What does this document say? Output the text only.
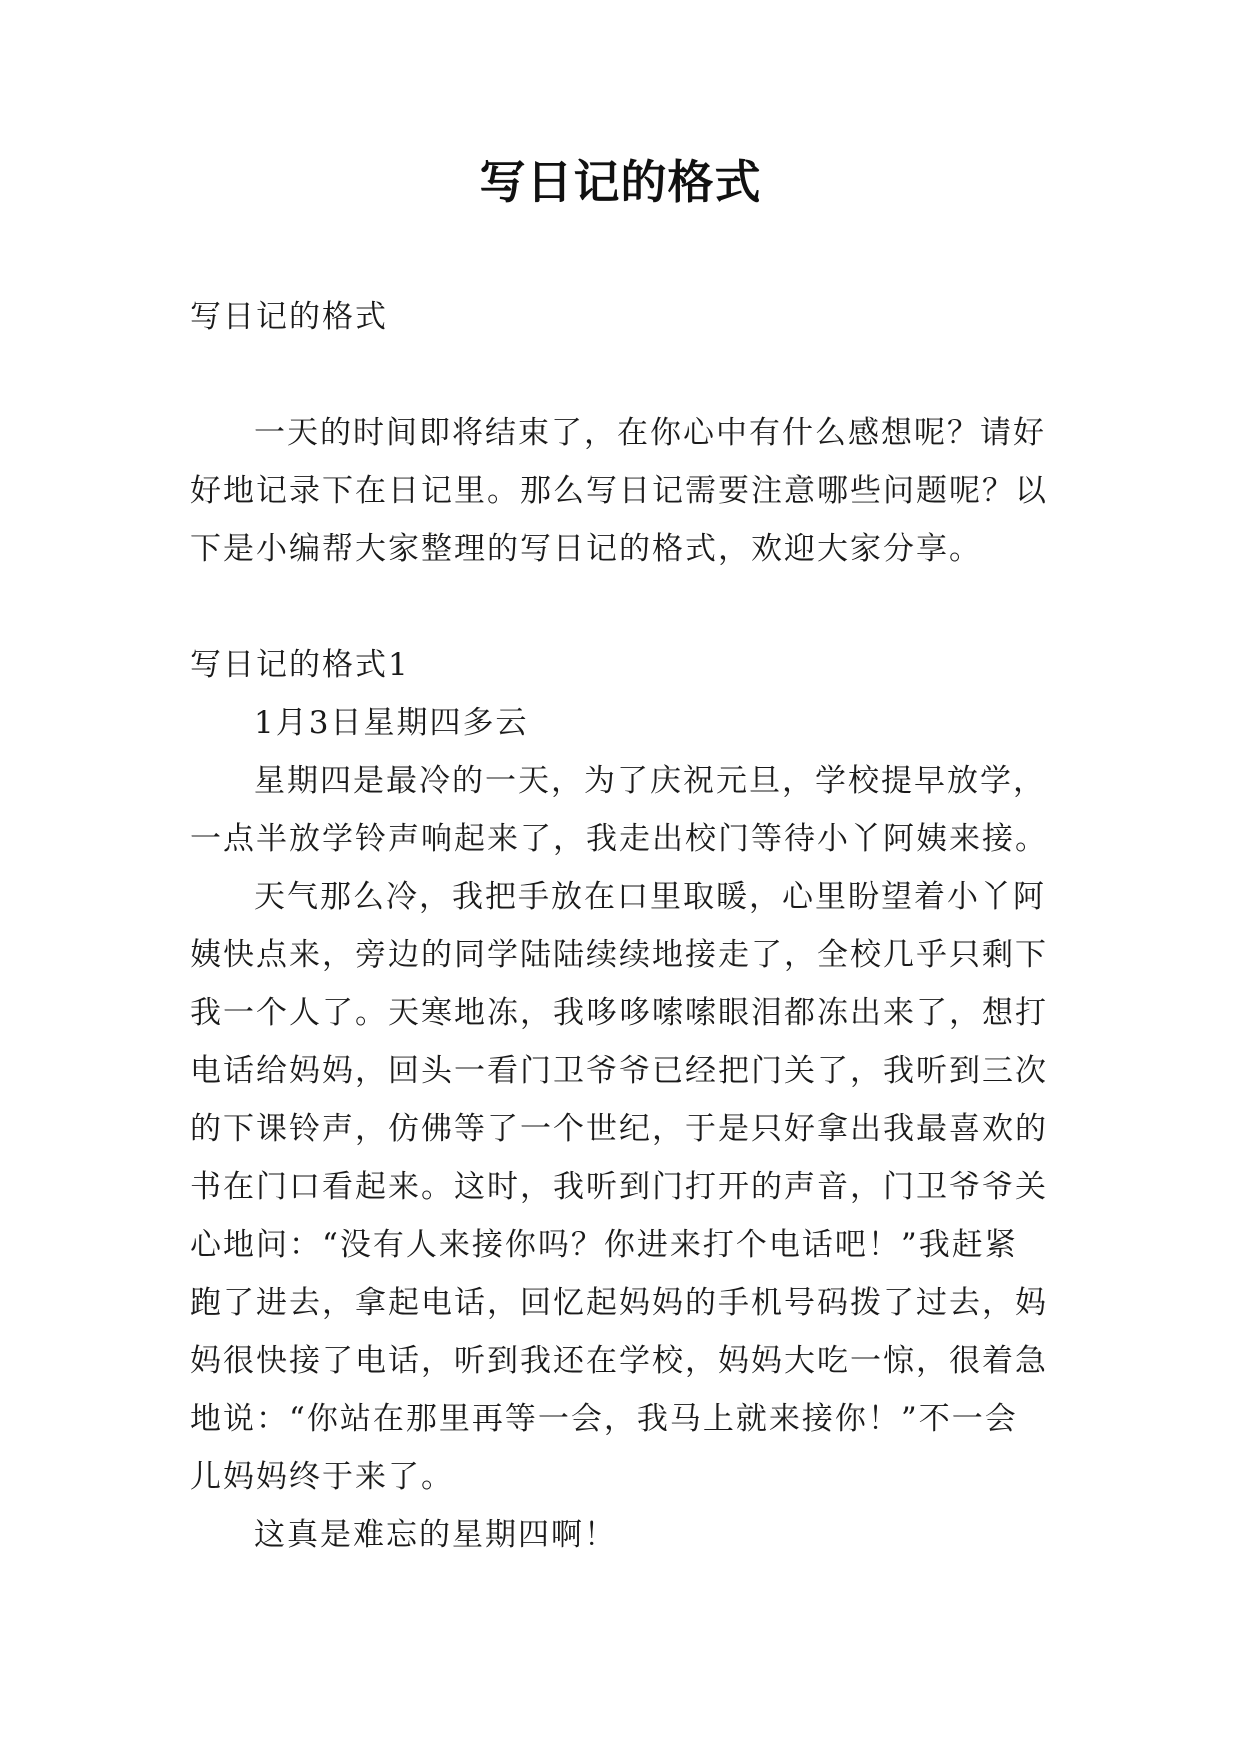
写日记的格式

写日记的格式

一天的时间即将结束了，在你心中有什么感想呢？请好好地记录下在日记里。那么写日记需要注意哪些问题呢？以下是小编帮大家整理的写日记的格式，欢迎大家分享。

写日记的格式1

1月3日星期四多云

星期四是最冷的一天，为了庆祝元旦，学校提早放学，一点半放学铃声响起来了，我走出校门等待小丫阿姨来接。

天气那么冷，我把手放在口里取暖，心里盼望着小丫阿姨快点来，旁边的同学陆陆续续地接走了，全校几乎只剩下我一个人了。天寒地冻，我哆哆嗦嗦眼泪都冻出来了，想打电话给妈妈，回头一看门卫爷爷已经把门关了，我听到三次的下课铃声，仿佛等了一个世纪，于是只好拿出我最喜欢的书在门口看起来。这时，我听到门打开的声音，门卫爷爷关心地问：“没有人来接你吗？你进来打个电话吧！”我赶紧跑了进去，拿起电话，回忆起妈妈的手机号码拨了过去，妈妈很快接了电话，听到我还在学校，妈妈大吃一惊，很着急地说：“你站在那里再等一会，我马上就来接你！”不一会儿妈妈终于来了。

这真是难忘的星期四啊！
